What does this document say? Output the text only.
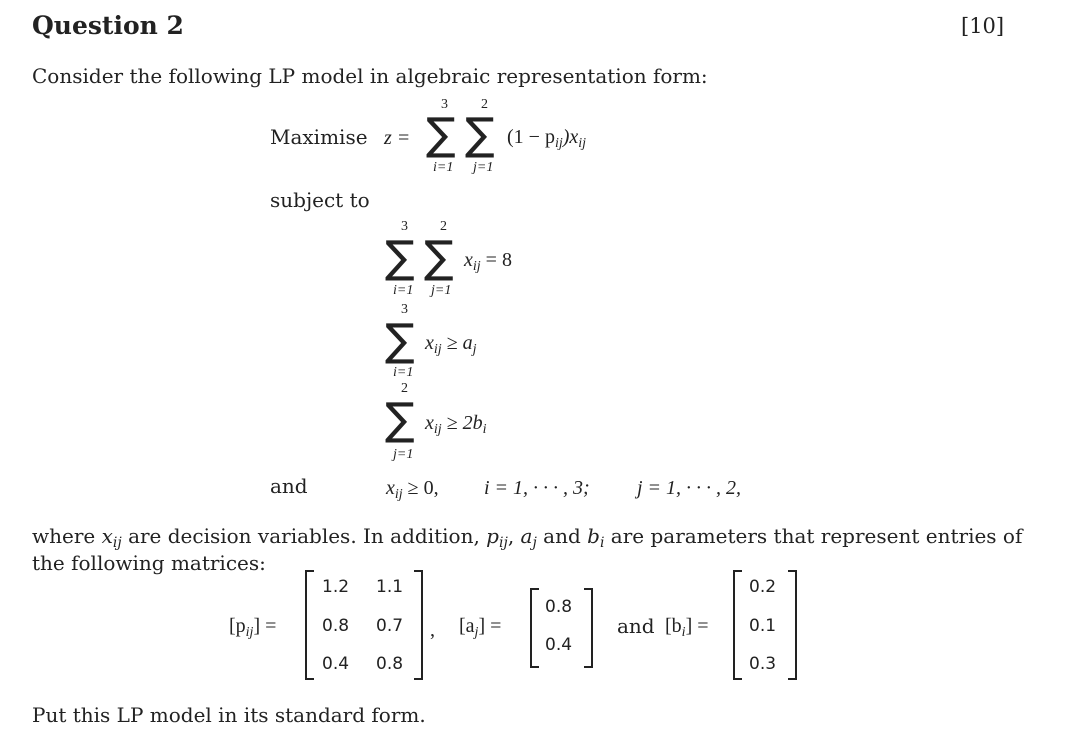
Question 2	[10]
Consider the following LP model in algebraic representation form:
Maximise z =
3
∑
i=1
2
∑
j=1
$(1 - p_{ij})x_{ij}$
subject to
3
∑
i=1
2
∑
j=1
$x_{ij} = 8$
3
∑
i=1
$x_{ij} \ge a_j$
2
∑
j=1
$x_{ij} \ge 2b_i$
and	$x_{ij} \ge 0$, i = 1, · · · , 3; j = 1, · · · , 2,
where $x_{ij}$ are decision variables. In addition, $p_{ij}$, $a_j$ and $b_i$ are parameters that represent entries of
the following matrices:
$[p_{ij}]$ =
1.2 1.1
0.8 0.7
0.4 0.8
, $[a_j]$ =
0.8
0.4
and $[b_i]$ =
0.2
0.1
0.3
Put this LP model in its standard form.
